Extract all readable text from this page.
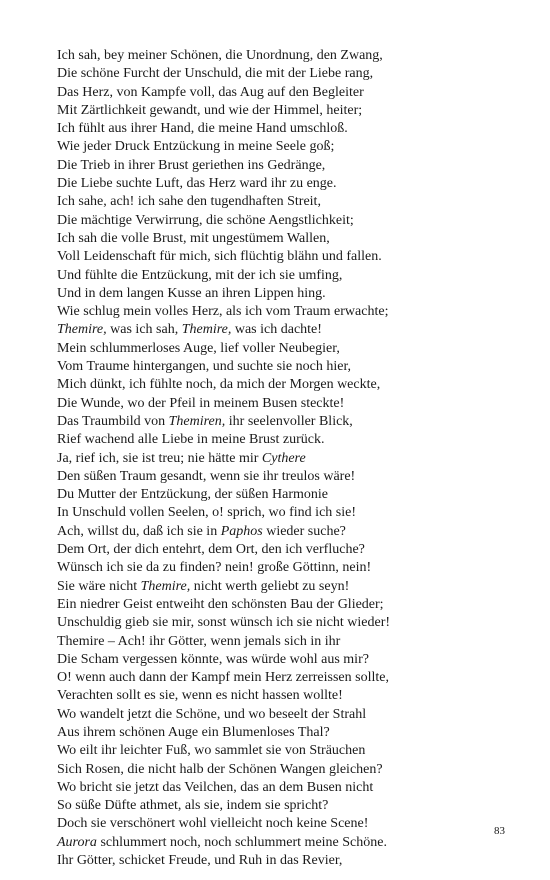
Ich sah, bey meiner Schönen, die Unordnung, den Zwang,
Die schöne Furcht der Unschuld, die mit der Liebe rang,
Das Herz, von Kampfe voll, das Aug auf den Begleiter
Mit Zärtlichkeit gewandt, und wie der Himmel, heiter;
Ich fühlt aus ihrer Hand, die meine Hand umschloß.
Wie jeder Druck Entzückung in meine Seele goß;
Die Trieb in ihrer Brust geriethen ins Gedränge,
Die Liebe suchte Luft, das Herz ward ihr zu enge.
Ich sahe, ach! ich sahe den tugendhaften Streit,
Die mächtige Verwirrung, die schöne Aengstlichkeit;
Ich sah die volle Brust, mit ungestümem Wallen,
Voll Leidenschaft für mich, sich flüchtig blähn und fallen.
Und fühlte die Entzückung, mit der ich sie umfing,
Und in dem langen Kusse an ihren Lippen hing.
Wie schlug mein volles Herz, als ich vom Traum erwachte;
Themire, was ich sah, Themire, was ich dachte!
Mein schlummerloses Auge, lief voller Neubegier,
Vom Traume hintergangen, und suchte sie noch hier,
Mich dünkt, ich fühlte noch, da mich der Morgen weckte,
Die Wunde, wo der Pfeil in meinem Busen steckte!
Das Traumbild von Themiren, ihr seelenvoller Blick,
Rief wachend alle Liebe in meine Brust zurück.
Ja, rief ich, sie ist treu; nie hätte mir Cythere
Den süßen Traum gesandt, wenn sie ihr treulos wäre!
Du Mutter der Entzückung, der süßen Harmonie
In Unschuld vollen Seelen, o! sprich, wo find ich sie!
Ach, willst du, daß ich sie in Paphos wieder suche?
Dem Ort, der dich entehrt, dem Ort, den ich verfluche?
Wünsch ich sie da zu finden? nein! große Göttinn, nein!
Sie wäre nicht Themire, nicht werth geliebt zu seyn!
Ein niedrer Geist entweiht den schönsten Bau der Glieder;
Unschuldig gieb sie mir, sonst wünsch ich sie nicht wieder!
Themire – Ach! ihr Götter, wenn jemals sich in ihr
Die Scham vergessen könnte, was würde wohl aus mir?
O! wenn auch dann der Kampf mein Herz zerreissen sollte,
Verachten sollt es sie, wenn es nicht hassen wollte!
Wo wandelt jetzt die Schöne, und wo beseelt der Strahl
Aus ihrem schönen Auge ein Blumenloses Thal?
Wo eilt ihr leichter Fuß, wo sammlet sie von Sträuchen
Sich Rosen, die nicht halb der Schönen Wangen gleichen?
Wo bricht sie jetzt das Veilchen, das an dem Busen nicht
So süße Düfte athmet, als sie, indem sie spricht?
Doch sie verschönert wohl vielleicht noch keine Scene!
Aurora schlummert noch, noch schlummert meine Schöne.
Ihr Götter, schicket Freude, und Ruh in das Revier,
83
